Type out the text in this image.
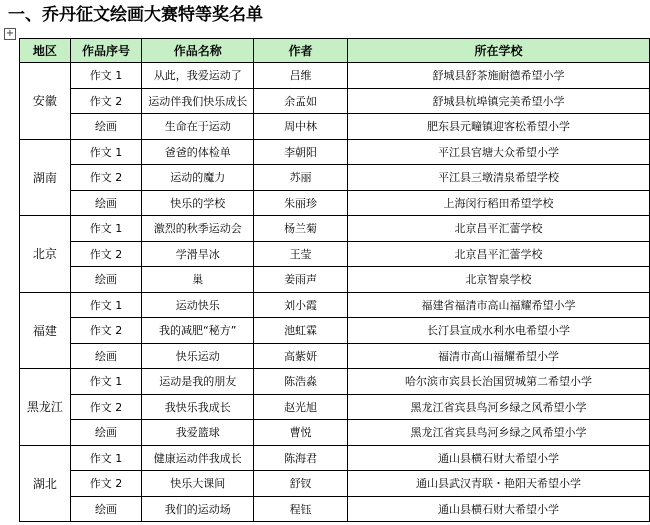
一、乔丹征文绘画大赛特等奖名单
+
地区	作品序号	作品名称	作者	所在学校
安徽	作文 1	从此，我爱运动了	吕维	舒城县舒茶施耐德希望小学
	作文 2	运动伴我们快乐成长	余孟如	舒城县杭埠镇完美希望小学
	绘画	生命在于运动	周中林	肥东县元疃镇迎客松希望小学
湖南	作文 1	爸爸的体检单	李朝阳	平江县官塘大众希望小学
	作文 2	运动的魔力	苏丽	平江县三墩清泉希望学校
	绘画	快乐的学校	朱丽珍	上海闵行稻田希望学校
北京	作文 1	激烈的秋季运动会	杨兰菊	北京昌平汇蕾学校
	作文 2	学滑旱冰	王莹	北京昌平汇蕾学校
	绘画	巢	姜雨声	北京智泉学校
福建	作文 1	运动快乐	刘小霞	福建省福清市高山福耀希望小学
	作文 2	我的减肥“秘方”	池虹霖	长汀县宣成水利水电希望小学
	绘画	快乐运动	高紫妍	福清市高山福耀希望小学
黑龙江	作文 1	运动是我的朋友	陈浩淼	哈尔滨市宾县长治国贸城第二希望小学
	作文 2	我快乐我成长	赵光旭	黑龙江省宾县鸟河乡绿之风希望小学
	绘画	我爱篮球	曹悦	黑龙江省宾县鸟河乡绿之风希望小学
湖北	作文 1	健康运动伴我成长	陈海君	通山县横石财大希望小学
	作文 2	快乐大课间	舒钗	通山县武汉青联・艳阳天希望小学
	绘画	我们的运动场	程钰	通山县横石财大希望小学
